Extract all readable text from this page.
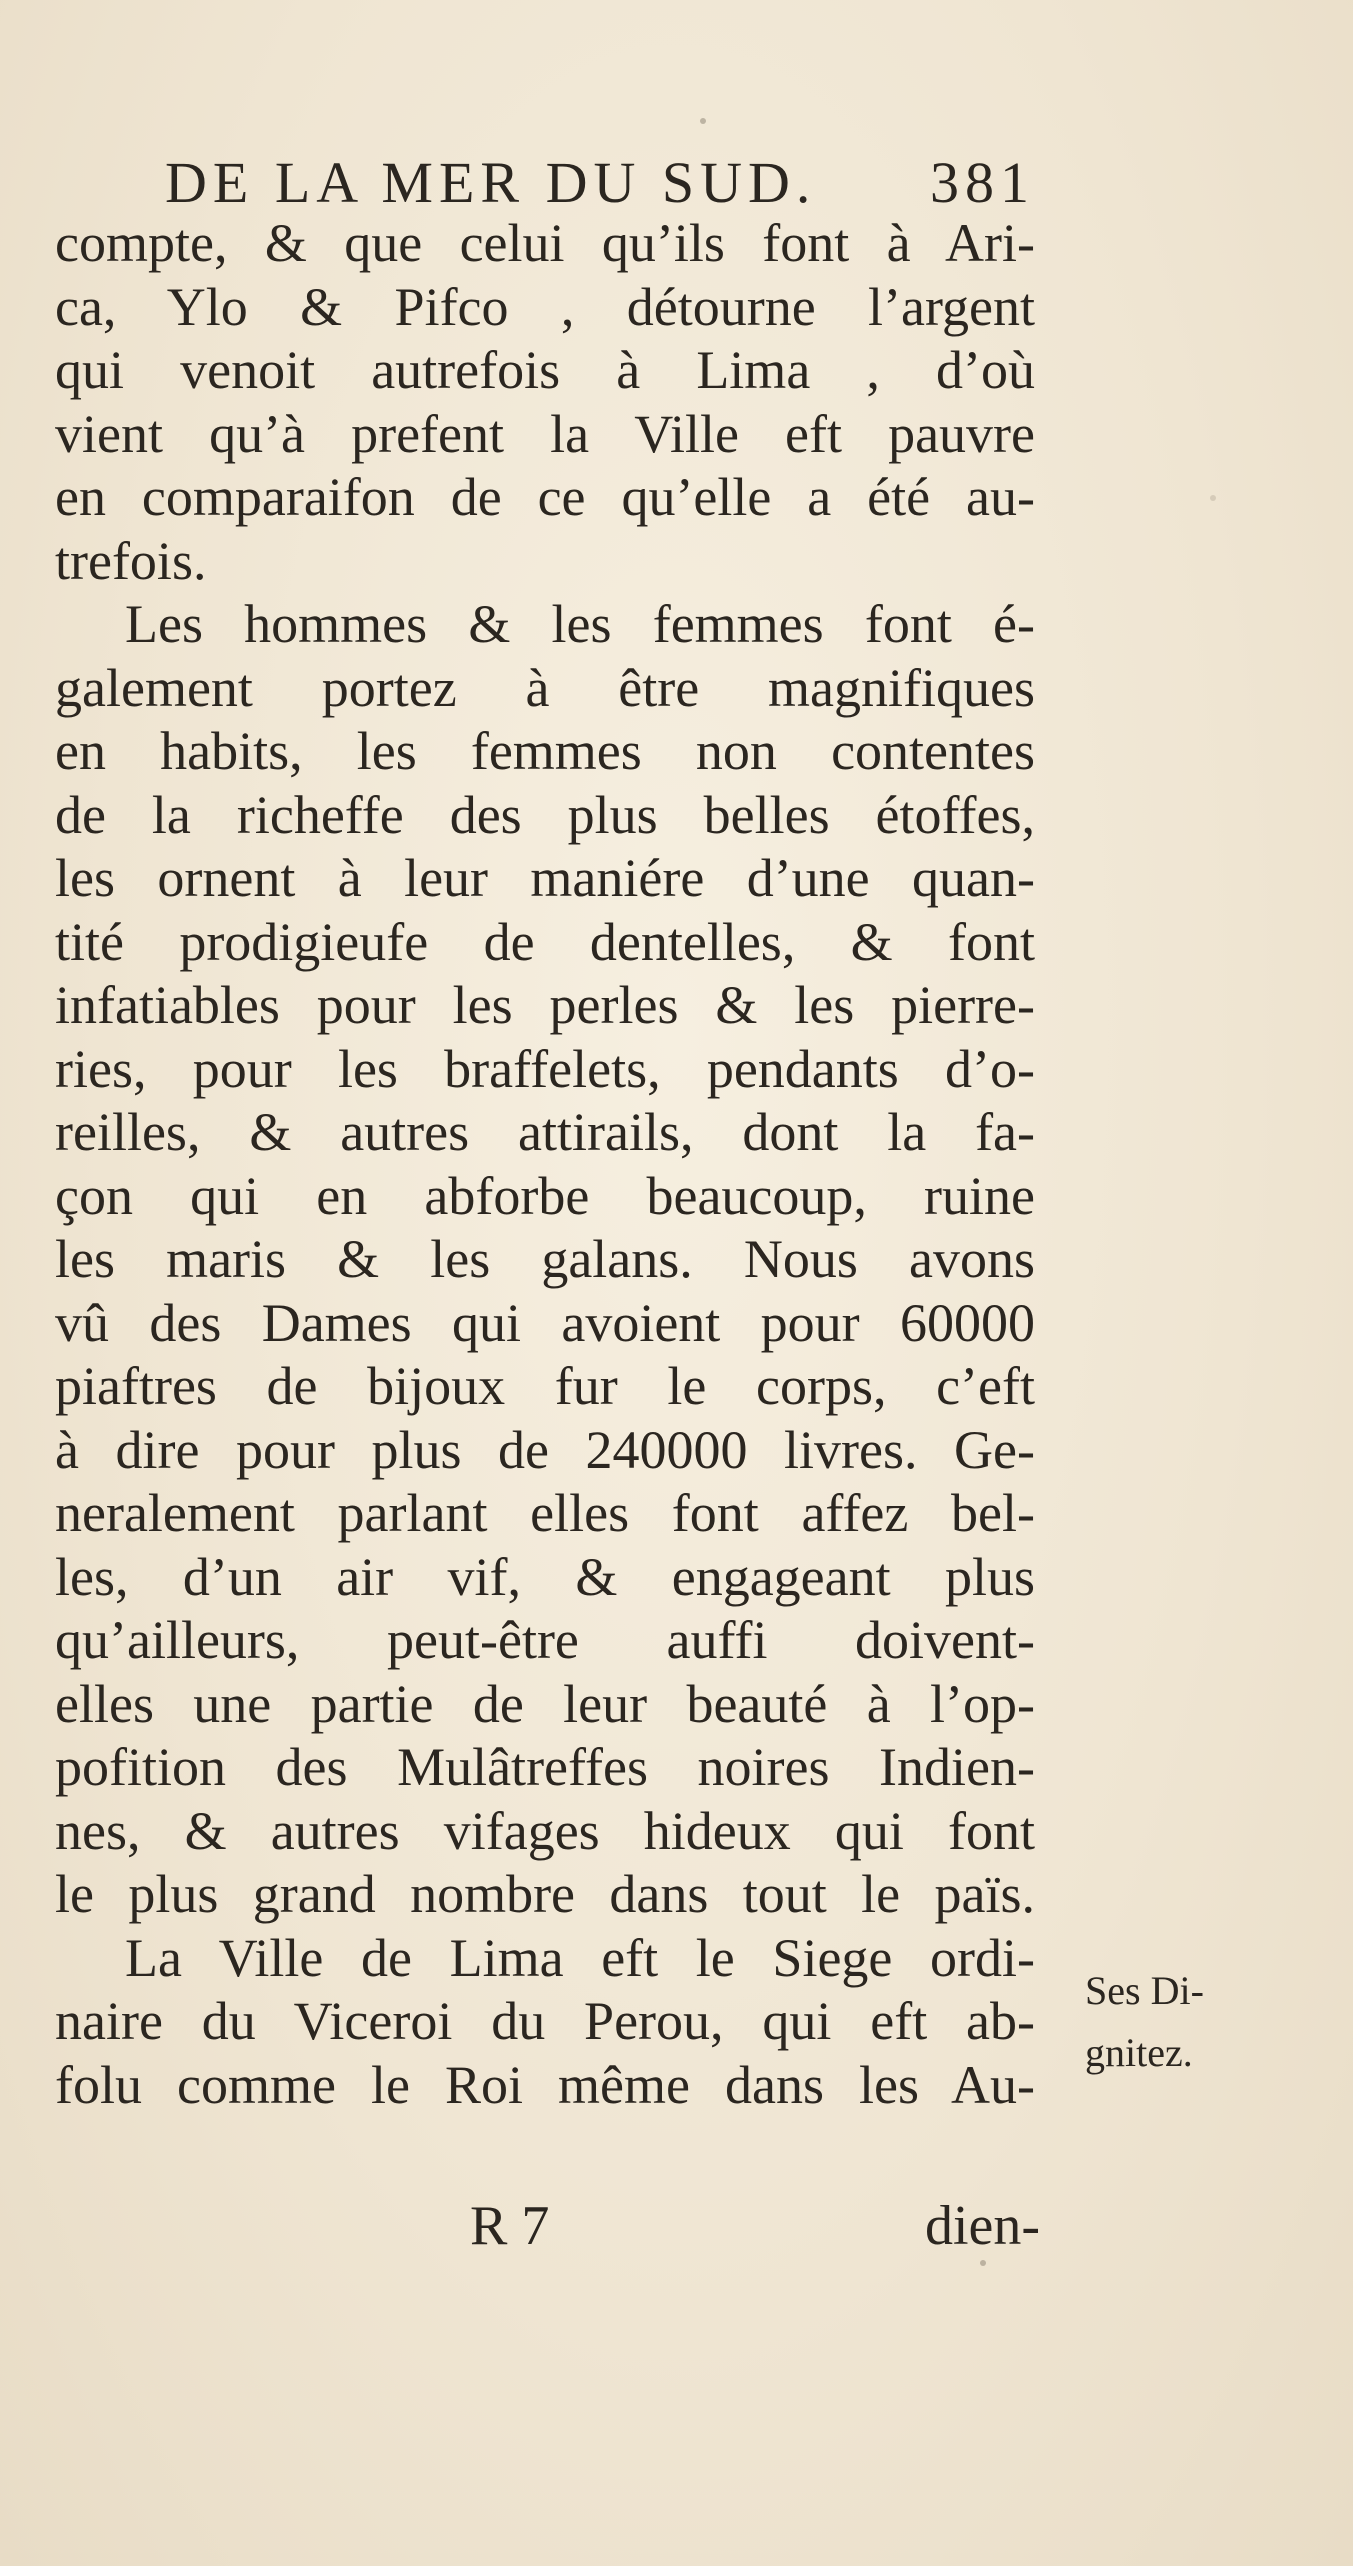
DE LA MER DU SUD. 381
compte, & que celui qu’ils font à Ari-
ca, Ylo & Pifco , détourne l’argent
qui venoit autrefois à Lima , d’où
vient qu’à prefent la Ville eft pauvre
en comparaifon de ce qu’elle a été au-
trefois.
Les hommes & les femmes font é-
galement portez à être magnifiques
en habits, les femmes non contentes
de la richeffe des plus belles étoffes,
les ornent à leur maniére d’une quan-
tité prodigieufe de dentelles, & font
infatiables pour les perles & les pierre-
ries, pour les braffelets, pendants d’o-
reilles, & autres attirails, dont la fa-
çon qui en abforbe beaucoup, ruine
les maris & les galans. Nous avons
vû des Dames qui avoient pour 60000
piaftres de bijoux fur le corps, c’eft
à dire pour plus de 240000 livres. Ge-
neralement parlant elles font affez bel-
les, d’un air vif, & engageant plus
qu’ailleurs, peut-être auffi doivent-
elles une partie de leur beauté à l’op-
pofition des Mulâtreffes noires Indien-
nes, & autres vifages hideux qui font
le plus grand nombre dans tout le païs.
La Ville de Lima eft le Siege ordi-
naire du Viceroi du Perou, qui eft ab-
folu comme le Roi même dans les Au-
Ses Di-
gnitez.
R 7	dien-
